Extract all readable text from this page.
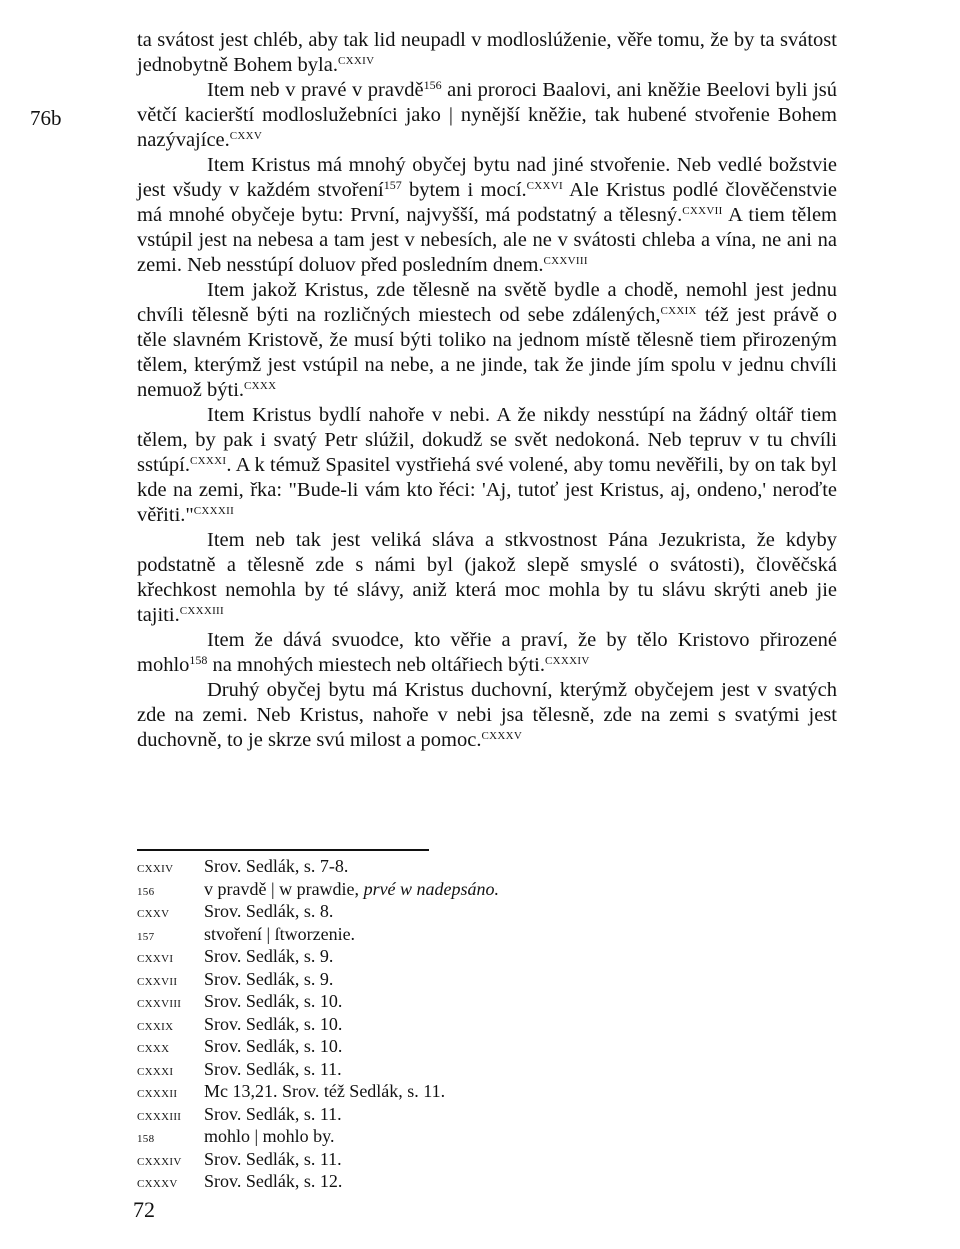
76b

ta svátost jest chléb, aby tak lid neupadl v modloslúženie, věře tomu, že by ta svátost jednobytně Bohem byla.$^{CXXIV}$

Item neb v pravé v pravdě$^{156}$ ani proroci Baalovi, ani kněžie Beelovi byli jsú větčí kacierští modloslužebníci jako | nynější kněžie, tak hubené stvořenie Bohem nazývajíce.$^{CXXV}$

Item Kristus má mnohý obyčej bytu nad jiné stvořenie. Neb vedlé božstvie jest všudy v každém stvoření$^{157}$ bytem i mocí.$^{CXXVI}$ Ale Kristus podlé člověčenstvie má mnohé obyčeje bytu: První, najvyšší, má podstatný a tělesný.$^{CXXVII}$ A tiem tělem vstúpil jest na nebesa a tam jest v nebesích, ale ne v svátosti chleba a vína, ne ani na zemi. Neb nesstúpí doluov před posledním dnem.$^{CXXVIII}$

Item jakož Kristus, zde tělesně na světě bydle a chodě, nemohl jest jednu chvíli tělesně býti na rozličných miestech od sebe zdálených,$^{CXXIX}$ též jest právě o těle slavném Kristově, že musí býti toliko na jednom místě tělesně tiem přirozeným tělem, kterýmž jest vstúpil na nebe, a ne jinde, tak že jinde jím spolu v jednu chvíli nemuož býti.$^{CXXX}$

Item Kristus bydlí nahoře v nebi. A že nikdy nesstúpí na žádný oltář tiem tělem, by pak i svatý Petr slúžil, dokudž se svět nedokoná. Neb tepruv v tu chvíli sstúpí.$^{CXXXI}$. A k témuž Spasitel vystřiehá své volené, aby tomu nevěřili, by on tak byl kde na zemi, řka: "Bude-li vám kto řéci: 'Aj, tutoť jest Kristus, aj, ondeno,' neroďte věřiti."$^{CXXXII}$

Item neb tak jest veliká sláva a stkvostnost Pána Jezukrista, že kdyby podstatně a tělesně zde s námi byl (jakož slepě smyslé o svátosti), člověčská křechkost nemohla by té slávy, aniž která moc mohla by tu slávu skrýti aneb jie tajiti.$^{CXXXIII}$

Item že dává svuodce, kto věřie a praví, že by tělo Kristovo přirozené mohlo$^{158}$ na mnohých miestech neb oltářiech býti.$^{CXXXIV}$

Druhý obyčej bytu má Kristus duchovní, kterýmž obyčejem jest v svatých zde na zemi. Neb Kristus, nahoře v nebi jsa tělesně, zde na zemi s svatými jest duchovně, to je skrze svú milost a pomoc.$^{CXXXV}$

CXXIV	Srov. Sedlák, s. 7-8.
156	v pravdě | w prawdie, prvé w nadepsáno.
CXXV	Srov. Sedlák, s. 8.
157	stvoření | ſtworzenie.
CXXVI	Srov. Sedlák, s. 9.
CXXVII	Srov. Sedlák, s. 9.
CXXVIII	Srov. Sedlák, s. 10.
CXXIX	Srov. Sedlák, s. 10.
CXXX	Srov. Sedlák, s. 10.
CXXXI	Srov. Sedlák, s. 11.
CXXXII	Mc 13,21. Srov. též Sedlák, s. 11.
CXXXIII	Srov. Sedlák, s. 11.
158	mohlo | mohlo by.
CXXXIV	Srov. Sedlák, s. 11.
CXXXV	Srov. Sedlák, s. 12.
72
